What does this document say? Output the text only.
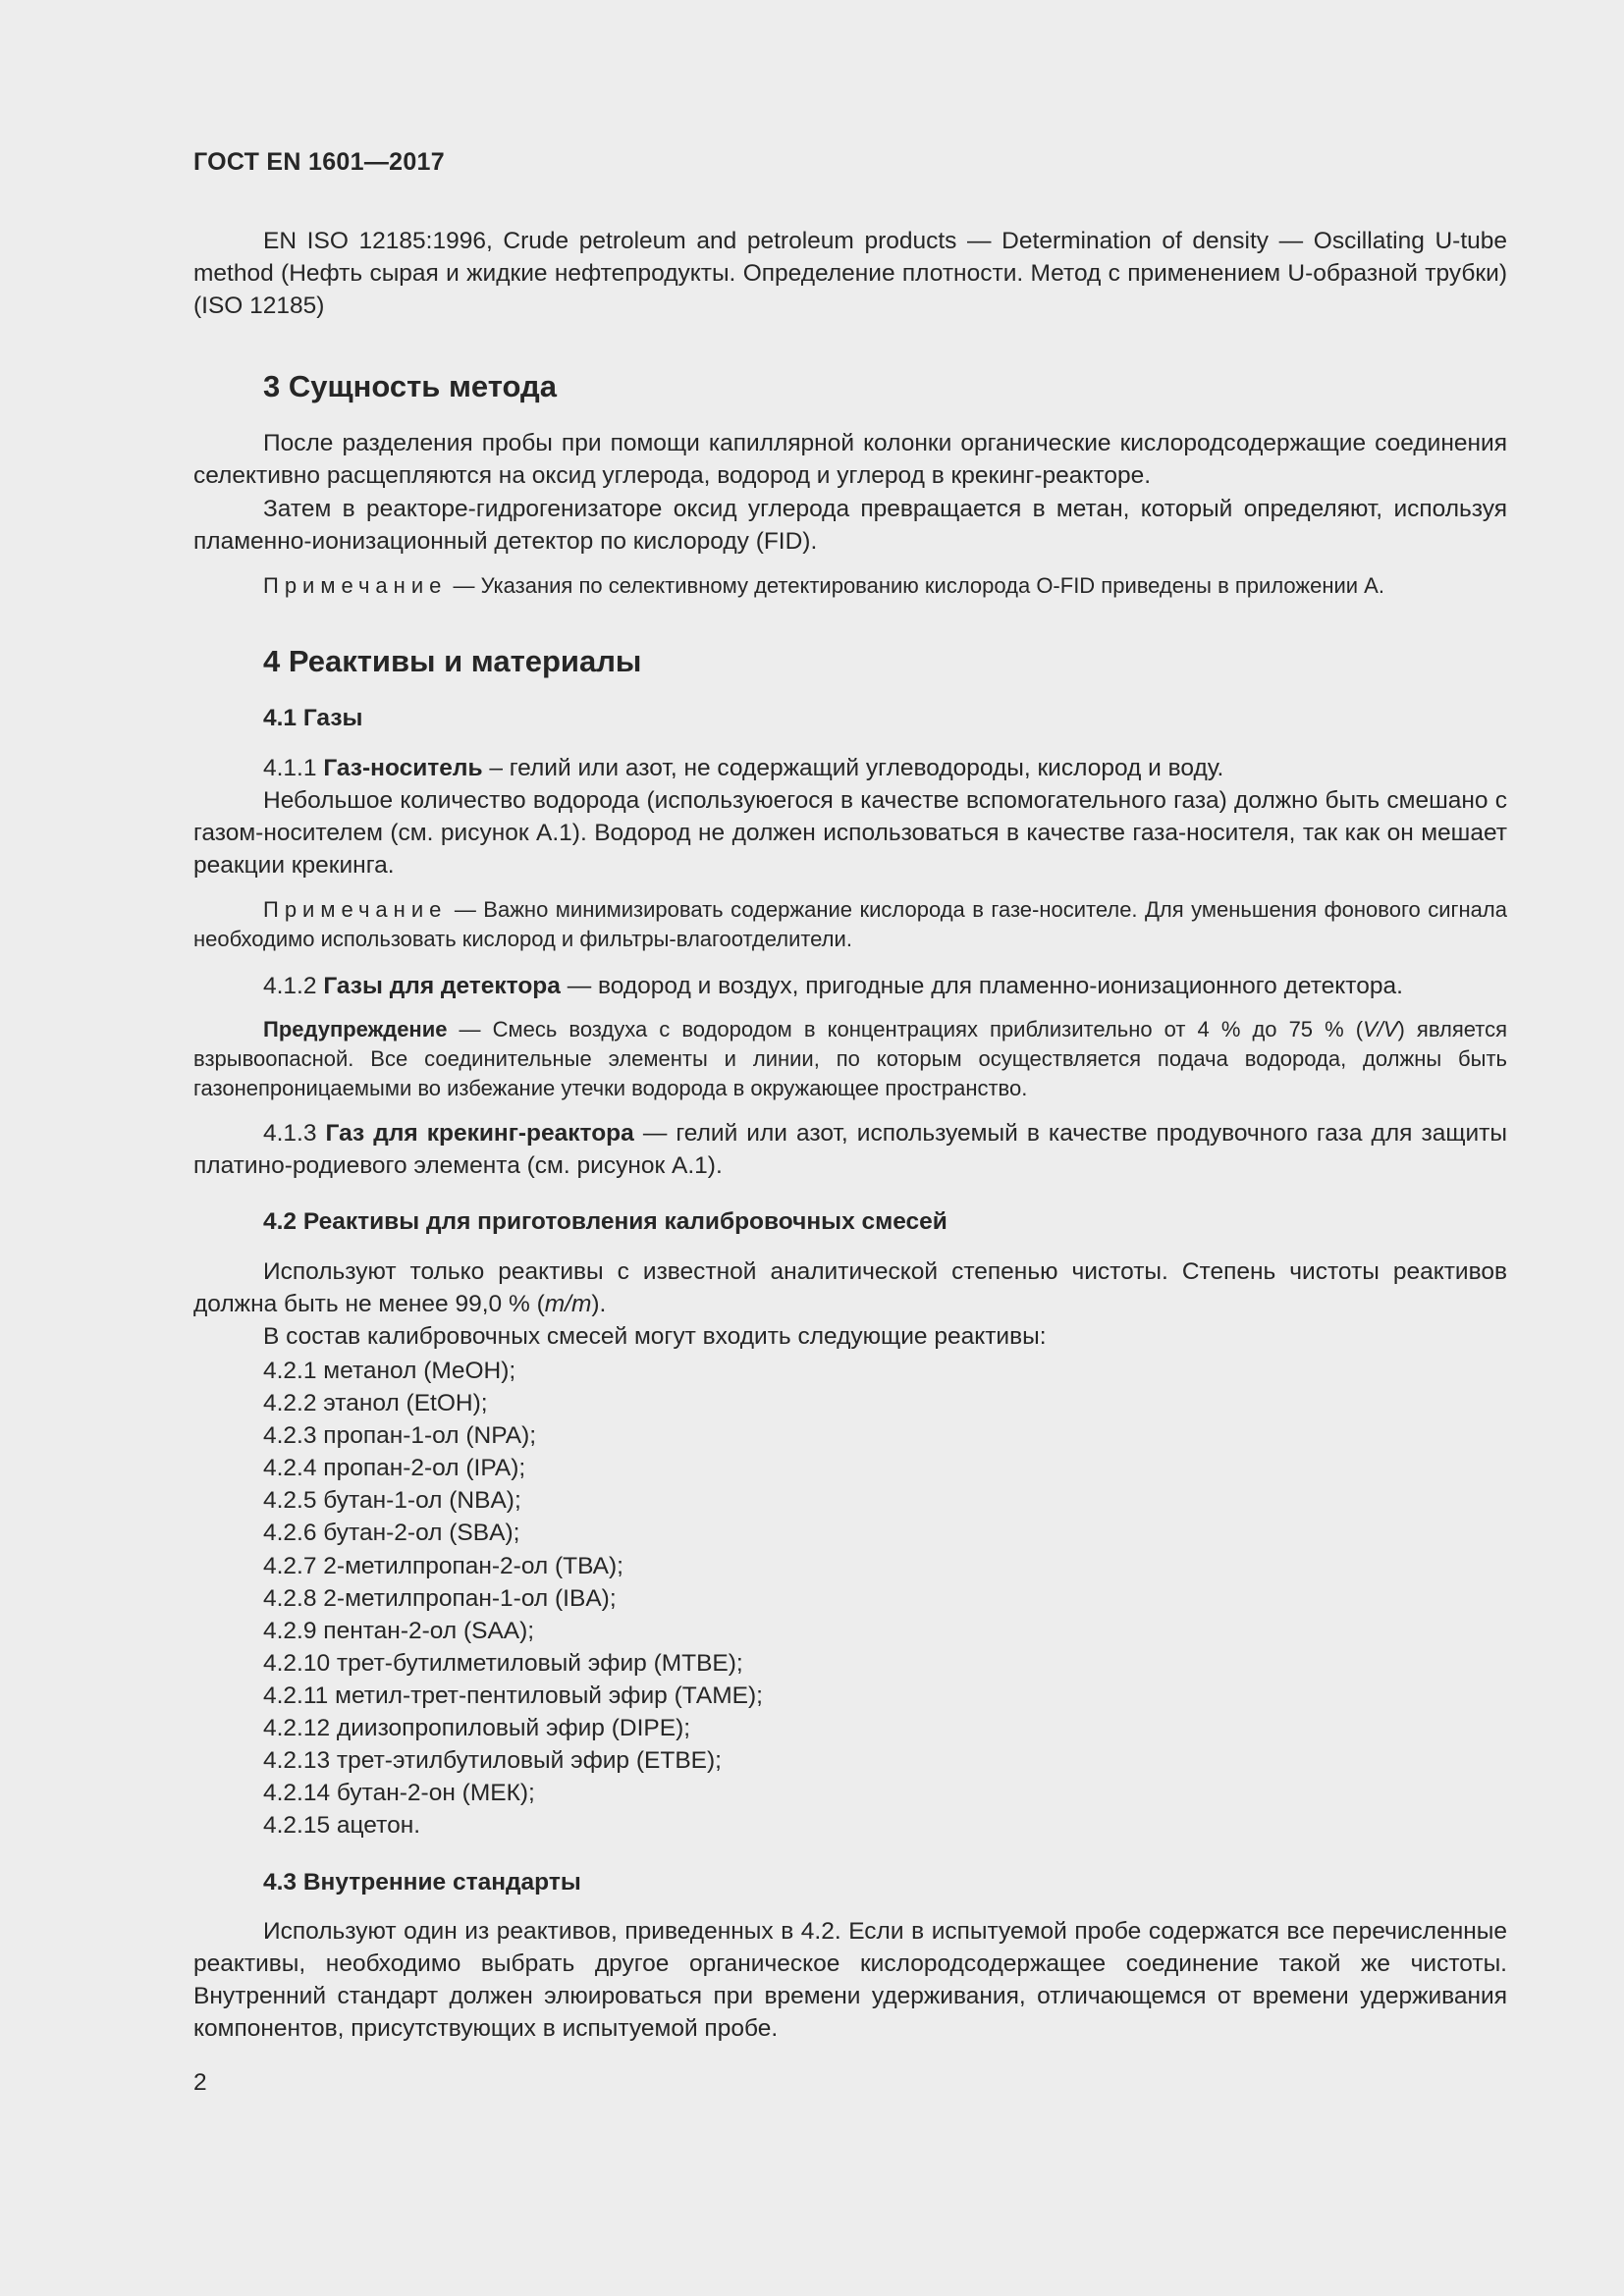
ГОСТ EN 1601—2017
EN ISO 12185:1996, Crude petroleum and petroleum products — Determination of density — Oscillating U-tube method (Нефть сырая и жидкие нефтепродукты. Определение плотности. Метод с применением U-образной трубки) (ISO 12185)
3 Сущность метода
После разделения пробы при помощи капиллярной колонки органические кислородсодержащие соединения селективно расщепляются на оксид углерода, водород и углерод в крекинг-реакторе.
Затем в реакторе-гидрогенизаторе оксид углерода превращается в метан, который определяют, используя пламенно-ионизационный детектор по кислороду (FID).
Примечание — Указания по селективному детектированию кислорода O-FID приведены в приложении А.
4 Реактивы и материалы
4.1 Газы
4.1.1 Газ-носитель – гелий или азот, не содержащий углеводороды, кислород и воду.
Небольшое количество водорода (используюегося в качестве вспомогательного газа) должно быть смешано с газом-носителем (см. рисунок А.1). Водород не должен использоваться в качестве газа-носителя, так как он мешает реакции крекинга.
Примечание — Важно минимизировать содержание кислорода в газе-носителе. Для уменьшения фонового сигнала необходимо использовать кислород и фильтры-влагоотделители.
4.1.2 Газы для детектора — водород и воздух, пригодные для пламенно-ионизационного детектора.
Предупреждение — Смесь воздуха с водородом в концентрациях приблизительно от 4 % до 75 % (V/V) является взрывоопасной. Все соединительные элементы и линии, по которым осуществляется подача водорода, должны быть газонепроницаемыми во избежание утечки водорода в окружающее пространство.
4.1.3 Газ для крекинг-реактора — гелий или азот, используемый в качестве продувочного газа для защиты платино-родиевого элемента (см. рисунок А.1).
4.2 Реактивы для приготовления калибровочных смесей
Используют только реактивы с известной аналитической степенью чистоты. Степень чистоты реактивов должна быть не менее 99,0 % (m/m).
В состав калибровочных смесей могут входить следующие реактивы:
4.2.1 метанол (MeOH);
4.2.2 этанол (EtOH);
4.2.3 пропан-1-ол (NPA);
4.2.4 пропан-2-ол (IPA);
4.2.5 бутан-1-ол (NBA);
4.2.6 бутан-2-ол (SBA);
4.2.7 2-метилпропан-2-ол (ТВА);
4.2.8 2-метилпропан-1-ол (IBA);
4.2.9 пентан-2-ол (SAA);
4.2.10 трет-бутилметиловый эфир (МТВЕ);
4.2.11 метил-трет-пентиловый эфир (ТАМЕ);
4.2.12 диизопропиловый эфир (DIPE);
4.2.13 трет-этилбутиловый эфир (ЕТВЕ);
4.2.14 бутан-2-он (МЕК);
4.2.15 ацетон.
4.3 Внутренние стандарты
Используют один из реактивов, приведенных в 4.2. Если в испытуемой пробе содержатся все перечисленные реактивы, необходимо выбрать другое органическое кислородсодержащее соединение такой же чистоты. Внутренний стандарт должен элюироваться при времени удерживания, отличающемся от времени удерживания компонентов, присутствующих в испытуемой пробе.
2
